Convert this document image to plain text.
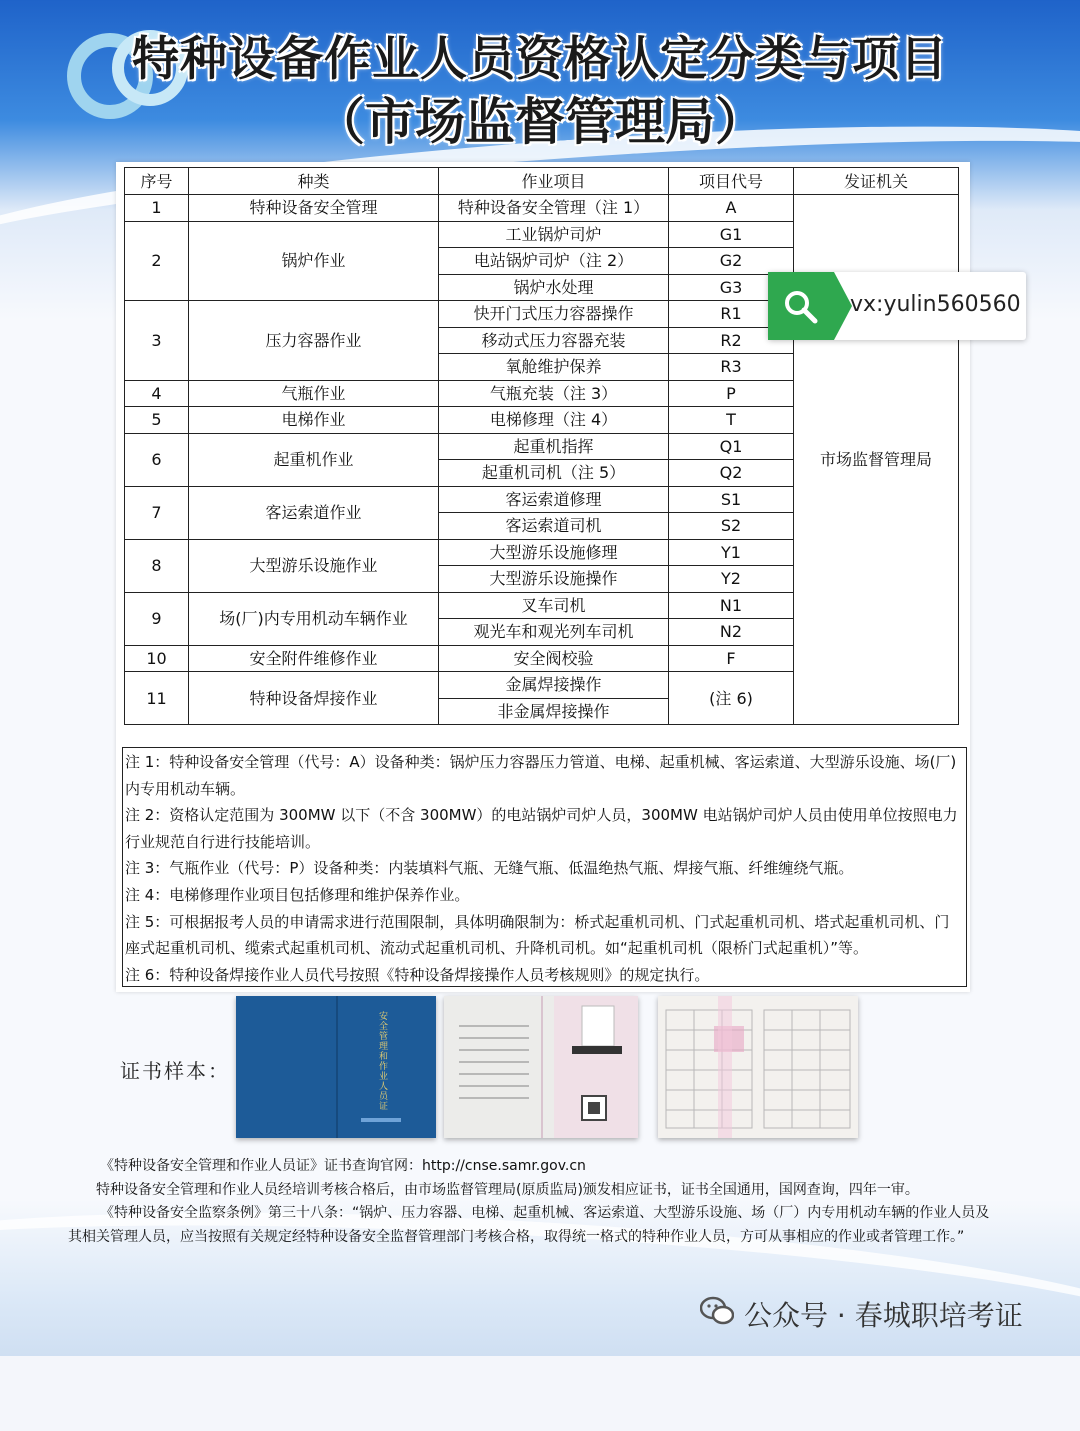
特种设备作业人员资格认定分类与项目
（市场监督管理局）
序号	种类	作业项目	项目代号	发证机关
1	特种设备安全管理	特种设备安全管理（注 1）	A	市场监督管理局
2	锅炉作业	工业锅炉司炉	G1	
		电站锅炉司炉（注 2）	G2	
		锅炉水处理	G3	
3	压力容器作业	快开门式压力容器操作	R1	
		移动式压力容器充装	R2	
		氧舱维护保养	R3	
4	气瓶作业	气瓶充装（注 3）	P	
5	电梯作业	电梯修理（注 4）	T	
6	起重机作业	起重机指挥	Q1	
		起重机司机（注 5）	Q2	
7	客运索道作业	客运索道修理	S1	
		客运索道司机	S2	
8	大型游乐设施作业	大型游乐设施修理	Y1	
		大型游乐设施操作	Y2	
9	场(厂)内专用机动车辆作业	叉车司机	N1	
		观光车和观光列车司机	N2	
10	安全附件维修作业	安全阀校验	F	
11	特种设备焊接作业	金属焊接操作	(注 6)	
		非金属焊接操作		

注 1：特种设备安全管理（代号：A）设备种类：锅炉压力容器压力管道、电梯、起重机械、客运索道、大型游乐设施、场(厂)

内专用机动车辆。

注 2：资格认定范围为 300MW 以下（不含 300MW）的电站锅炉司炉人员，300MW 电站锅炉司炉人员由使用单位按照电力

行业规范自行进行技能培训。

注 3：气瓶作业（代号：P）设备种类：内装填料气瓶、无缝气瓶、低温绝热气瓶、焊接气瓶、纤维缠绕气瓶。

注 4：电梯修理作业项目包括修理和维护保养作业。

注 5：可根据报考人员的申请需求进行范围限制，具体明确限制为：桥式起重机司机、门式起重机司机、塔式起重机司机、门

座式起重机司机、缆索式起重机司机、流动式起重机司机、升降机司机。如“起重机司机（限桥门式起重机）”等。

注 6：特种设备焊接作业人员代号按照《特种设备焊接操作人员考核规则》的规定执行。

vx:yulin560560
证书样本：	安全管理和作业人员证

《特种设备安全管理和作业人员证》证书查询官网：http://cnse.samr.gov.cn

特种设备安全管理和作业人员经培训考核合格后，由市场监督管理局(原质监局)颁发相应证书，证书全国通用，国网查询，四年一审。

《特种设备安全监察条例》第三十八条：“锅炉、压力容器、电梯、起重机械、客运索道、大型游乐设施、场（厂）内专用机动车辆的作业人员及

其相关管理人员，应当按照有关规定经特种设备安全监督管理部门考核合格，取得统一格式的特种作业人员，方可从事相应的作业或者管理工作。”

公众号 · 春城职培考证
